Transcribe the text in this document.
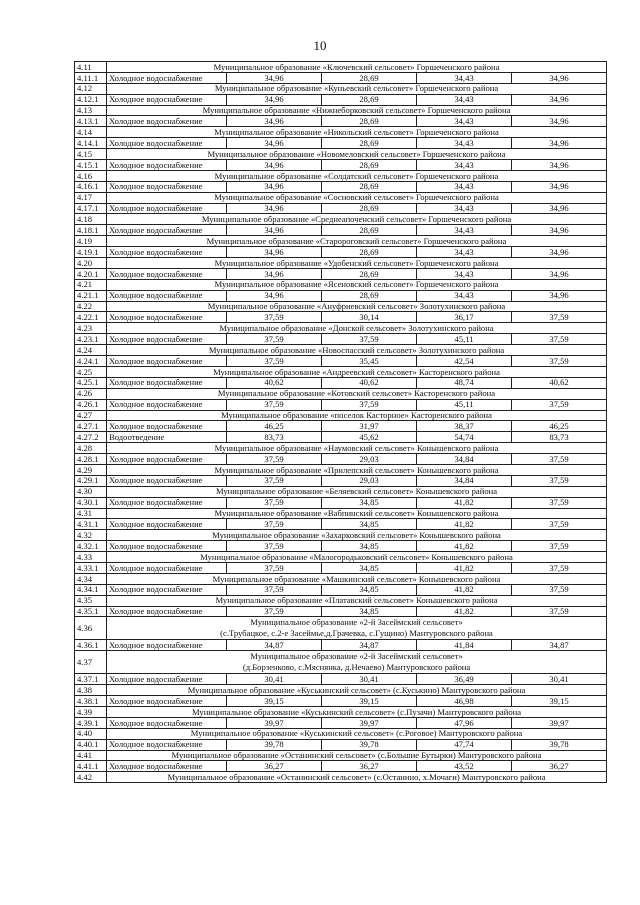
10
4.11	Муниципальное образование «Ключевский сельсовет» Горшеченского района				

4.11.1	Холодное водоснабжение	34,96	28,69	34,43	34,96
4.12	Муниципальное образование «Куньевский сельсовет» Горшеченского района				

4.12.1	Холодное водоснабжение	34,96	28,69	34,43	34,96
4.13	Муниципальное образование «Нижнеборковский сельсовет» Горшеченского района				

4.13.1	Холодное водоснабжение	34,96	28,69	34,43	34,96
4.14	Муниципальное образование «Никольский сельсовет» Горшеченского района				

4.14.1	Холодное водоснабжение	34,96	28,69	34,43	34,96
4.15	Муниципальное образование «Новомеловский сельсовет» Горшеченского района				

4.15.1	Холодное водоснабжение	34,96	28,69	34,43	34,96
4.16	Муниципальное образование «Солдатский сельсовет» Горшеченского района				

4.16.1	Холодное водоснабжение	34,96	28,69	34,43	34,96
4.17	Муниципальное образование «Сосновский сельсовет» Горшеченского района				

4.17.1	Холодное водоснабжение	34,96	28,69	34,43	34,96
4.18	Муниципальное образование «Среднеапоченский сельсовет» Горшеченского района				

4.18.1	Холодное водоснабжение	34,96	28,69	34,43	34,96
4.19	Муниципальное образование «Старороговский сельсовет» Горшеченского района				

4.19.1	Холодное водоснабжение	34,96	28,69	34,43	34,96
4.20	Муниципальное образование «Удобенский сельсовет» Горшеченского района				

4.20.1	Холодное водоснабжение	34,96	28,69	34,43	34,96
4.21	Муниципальное образование «Ясеновский сельсовет» Горшеченского района				

4.21.1	Холодное водоснабжение	34,96	28,69	34,43	34,96
4.22	Муниципальное образование «Ануфриевский сельсовет» Золотухинского района				

4.22.1	Холодное водоснабжение	37,59	30,14	36,17	37,59
4.23	Муниципальное образование «Донской сельсовет» Золотухинского района				

4.23.1	Холодное водоснабжение	37,59	37,59	45,11	37,59
4.24	Муниципальное образование «Новоспасский сельсовет» Золотухинского района				

4.24.1	Холодное водоснабжение	37,59	35,45	42,54	37,59
4.25	Муниципальное образование «Андреевский сельсовет» Касторенского района				

4.25.1	Холодное водоснабжение	40,62	40,62	48,74	40,62
4.26	Муниципальное образование «Котовский сельсовет» Касторенского района				

4.26.1	Холодное водоснабжение	37,59	37,59	45,11	37,59
4.27	Муниципальное образование «поселок Касторное» Касторенского района				

4.27.1	Холодное водоснабжение	46,25	31,97	38,37	46,25
4.27.2	Водоотведение	83,73	45,62	54,74	83,73
4.28	Муниципальное образование «Наумовский сельсовет» Конышевского района				

4.28.1	Холодное водоснабжение	37,59	29,03	34,84	37,59
4.29	Муниципальное образование «Прилепский сельсовет» Конышевского района				

4.29.1	Холодное водоснабжение	37,59	29,03	34,84	37,59
4.30	Муниципальное образование «Беляевский сельсовет» Конышевского района				

4.30.1	Холодное водоснабжение	37,59	34,85	41,82	37,59
4.31	Муниципальное образование «Вабпинский сельсовет» Конышевского района				

4.31.1	Холодное водоснабжение	37,59	34,85	41,82	37,59
4.32	Муниципальное образование «Захарковский сельсовет» Конышевского района				

4.32.1	Холодное водоснабжение	37,59	34,85	41,82	37,59
4.33	Муниципальное образование «Малогородьковский сельсовет» Конышевского района				

4.33.1	Холодное водоснабжение	37,59	34,85	41,82	37,59
4.34	Муниципальное образование «Машкинский сельсовет» Конышевского района				

4.34.1	Холодное водоснабжение	37,59	34,85	41,82	37,59
4.35	Муниципальное образование «Платавский сельсовет» Конышевского района				

4.35.1	Холодное водоснабжение	37,59	34,85	41,82	37,59
4.36	Муниципальное образование «2-й Засеймский сельсовет»
(с.Трубацкое, с.2-е Засеймье,д.Грачевка, с.Гущино) Мантуровского района				

4.36.1	Холодное водоснабжение	34,87	34,87	41,84	34,87
4.37	Муниципальное образование «2-й Засеймский сельсовет»
(д.Борзенково, с.Мяснянка, д.Нечаево) Мантуровского района				

4.37.1	Холодное водоснабжение	30,41	30,41	36,49	30,41
4.38	Муниципальное образование «Куськинский сельсовет» (с.Куськино) Мантуровского района				

4.38.1	Холодное водоснабжение	39,15	39,15	46,98	39,15
4.39	Муниципальное образование «Куськинский сельсовет» (с.Пузачи) Мантуровского района				

4.39.1	Холодное водоснабжение	39,97	39,97	47,96	39,97
4.40	Муниципальное образование «Куськинский сельсовет» (с.Роговое) Мантуровского района				

4.40.1	Холодное водоснабжение	39,78	39,78	47,74	39,78
4.41	Муниципальное образование «Останинский сельсовет» (с.Большие Бутырки) Мантуровского района				

4.41.1	Холодное водоснабжение	36,27	36,27	43,52	36,27
4.42	Муниципальное образование «Останинский сельсовет» (с.Останино, х.Мочаги) Мантуровского района				
